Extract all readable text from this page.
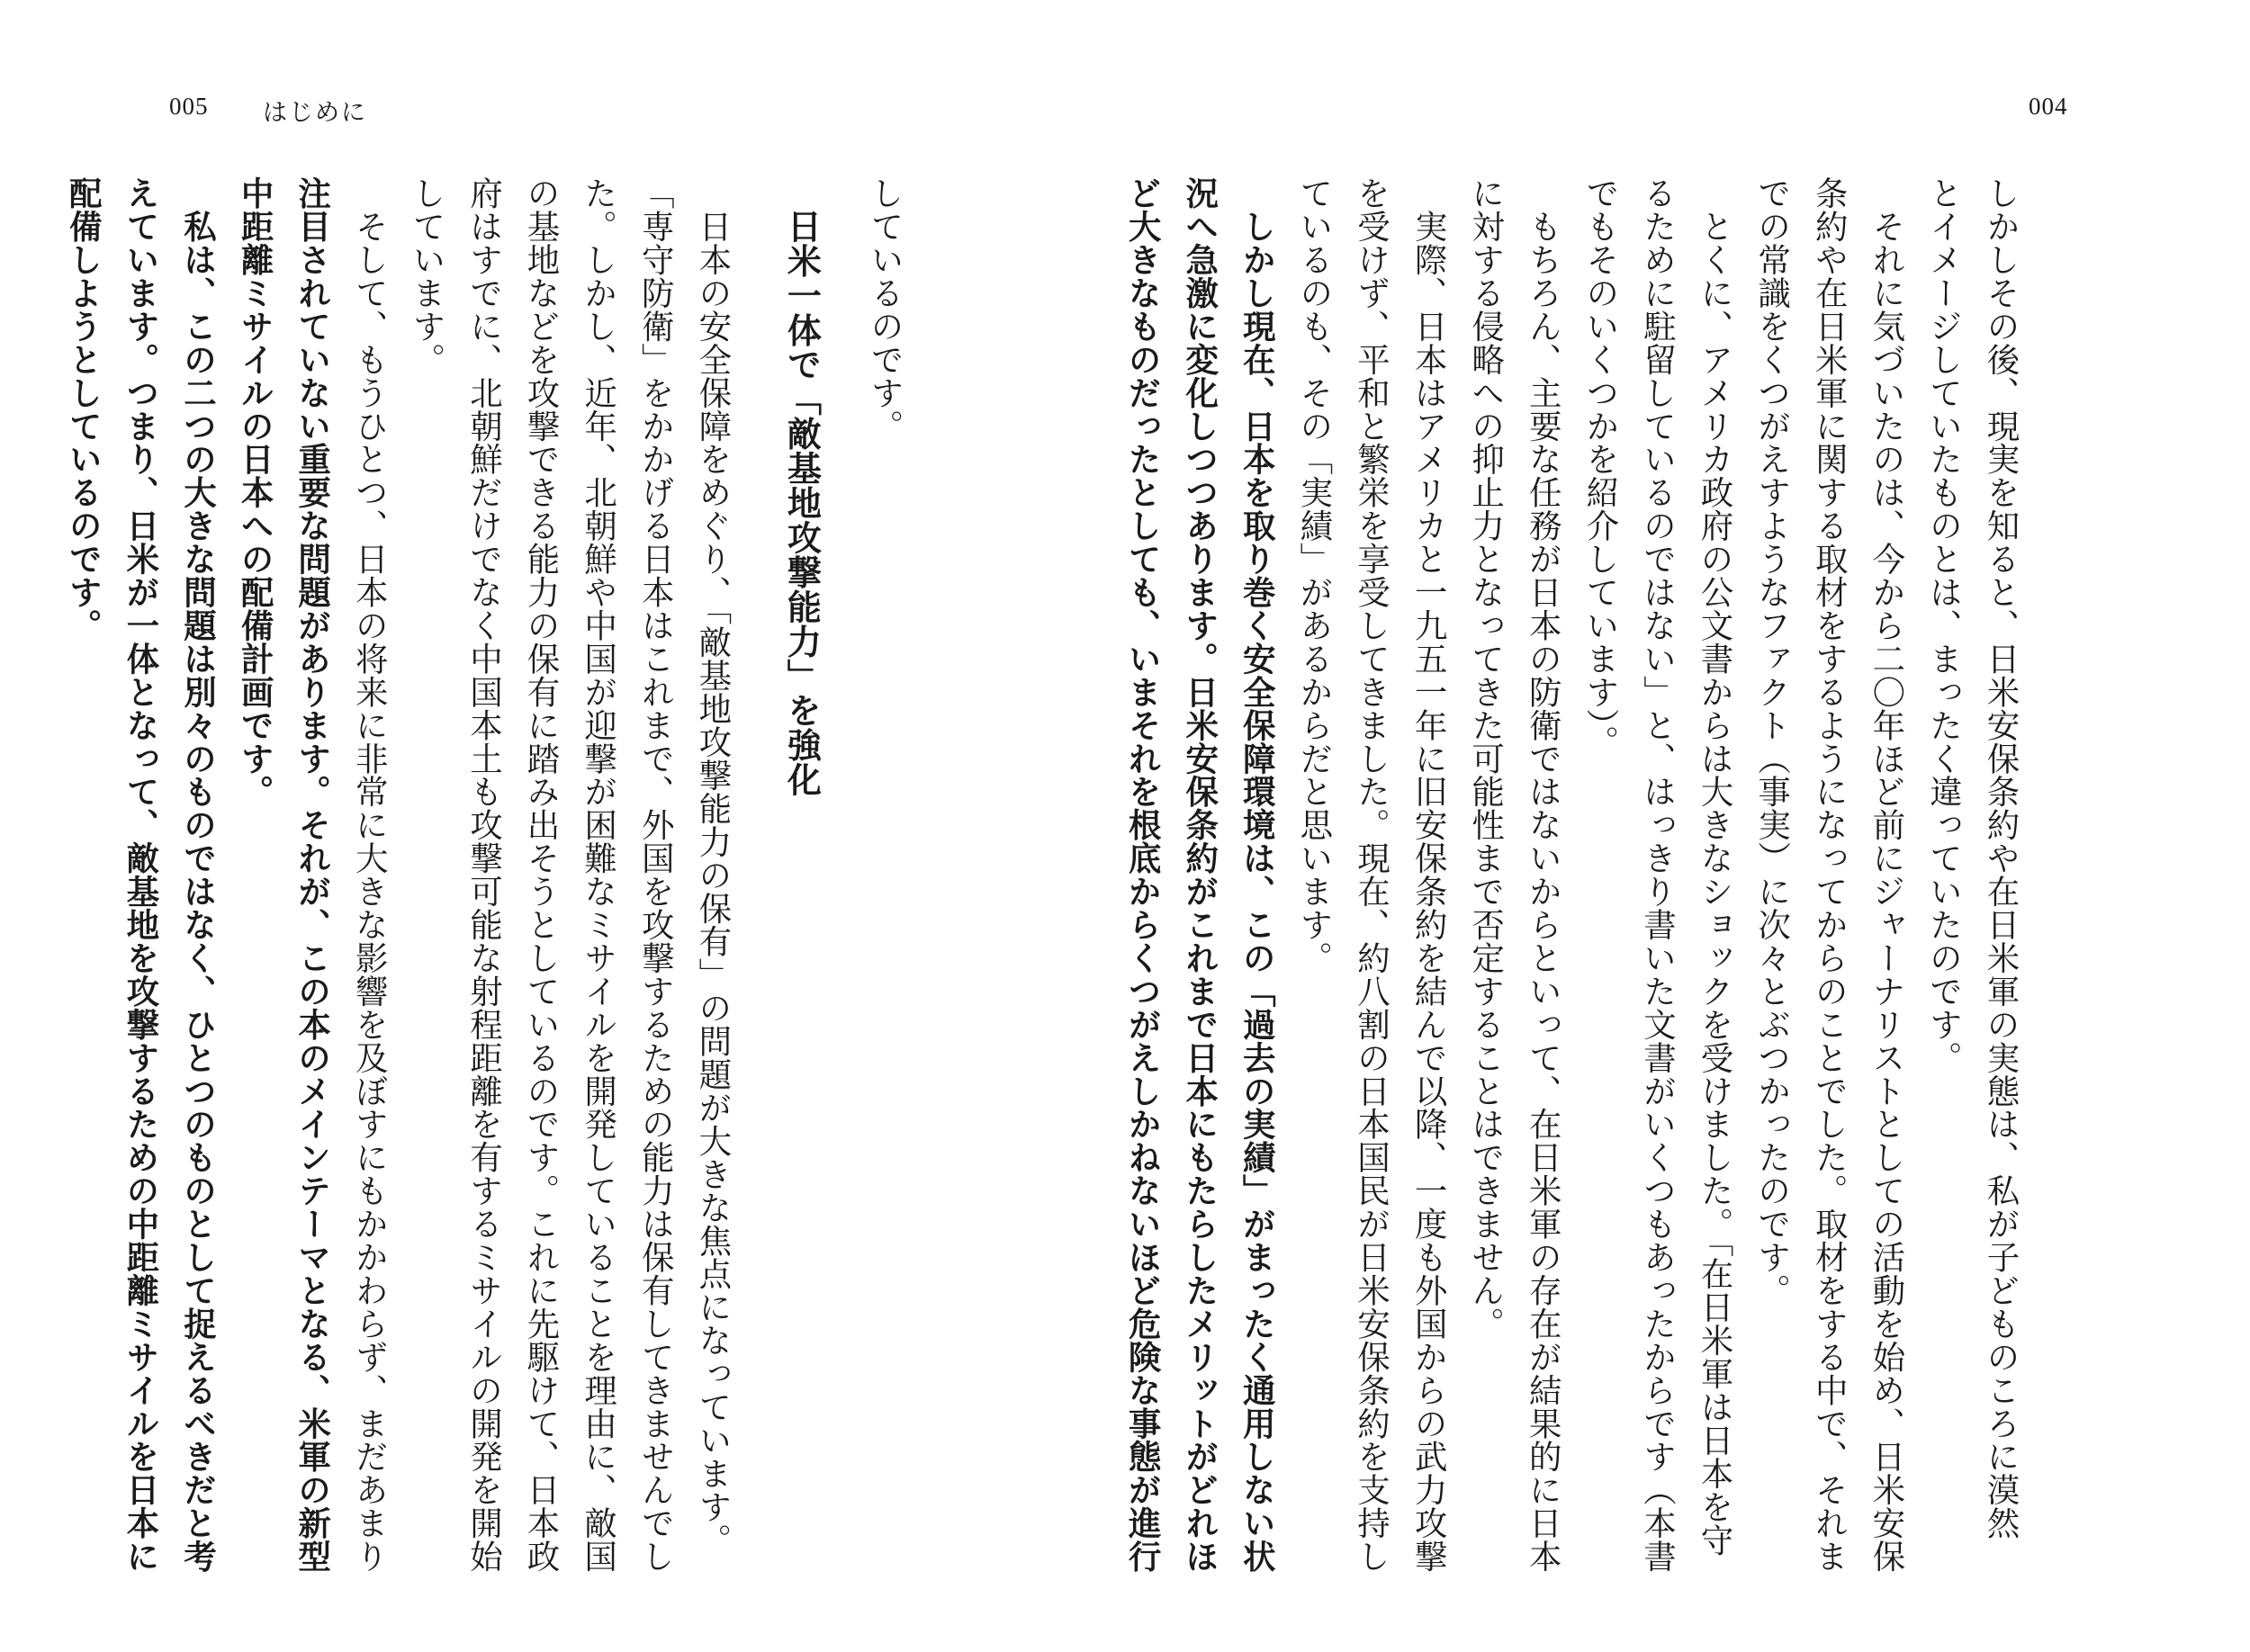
005 はじめに	004
しかしその後、現実を知ると、日米安保条約や在日米軍の実態は、私が子どものころに漠然
とイメージしていたものとは、まったく違っていたのです。
　それに気づいたのは、今から二〇年ほど前にジャーナリストとしての活動を始め、日米安保
条約や在日米軍に関する取材をするようになってからのことでした。取材をする中で、それま
での常識をくつがえすようなファクト（事実）に次々とぶつかったのです。
　とくに、アメリカ政府の公文書からは大きなショックを受けました。「在日米軍は日本を守
るために駐留しているのではない」と、はっきり書いた文書がいくつもあったからです（本書
でもそのいくつかを紹介しています）。
　もちろん、主要な任務が日本の防衛ではないからといって、在日米軍の存在が結果的に日本
に対する侵略への抑止力となってきた可能性まで否定することはできません。
　実際、日本はアメリカと一九五一年に旧安保条約を結んで以降、一度も外国からの武力攻撃
を受けず、平和と繁栄を享受してきました。現在、約八割の日本国民が日米安保条約を支持し
ているのも、その「実績」があるからだと思います。
　しかし現在、日本を取り巻く安全保障環境は、この「過去の実績」がまったく通用しない状
況へ急激に変化しつつあります。日米安保条約がこれまで日本にもたらしたメリットがどれほ
ど大きなものだったとしても、いまそれを根底からくつがえしかねないほど危険な事態が進行
しているのです。
日米一体で「敵基地攻撃能力」を強化
　日本の安全保障をめぐり、「敵基地攻撃能力の保有」の問題が大きな焦点になっています。
「専守防衛」をかかげる日本はこれまで、外国を攻撃するための能力は保有してきませんでし
た。しかし、近年、北朝鮮や中国が迎撃が困難なミサイルを開発していることを理由に、敵国
の基地などを攻撃できる能力の保有に踏み出そうとしているのです。これに先駆けて、日本政
府はすでに、北朝鮮だけでなく中国本土も攻撃可能な射程距離を有するミサイルの開発を開始
しています。
　そして、もうひとつ、日本の将来に非常に大きな影響を及ぼすにもかかわらず、まだあまり
注目されていない重要な問題があります。それが、この本のメインテーマとなる、米軍の新型
中距離ミサイルの日本への配備計画です。
　私は、この二つの大きな問題は別々のものではなく、ひとつのものとして捉えるべきだと考
えています。つまり、日米が一体となって、敵基地を攻撃するための中距離ミサイルを日本に
配備しようとしているのです。
